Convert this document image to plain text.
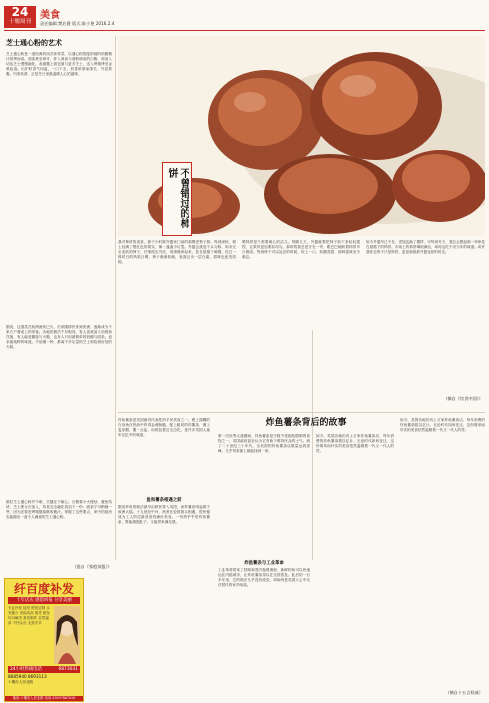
24
十堰周刊
美食
责任编辑:樊启爵 版式:陈小艳 2016.2.4
芝士通心粉的艺术
芝士通心粉是一道经典的西式家常菜，以通心粉搭配浓郁的奶酪酱汁烘烤而成。面条煮至弹牙，拌入黄油与面粉调成的白酱，再加入切达芝士慢慢融化，表面撒上面包屑与更多芝士，送入烤箱烤至金黄起泡。出炉时香气四溢，一口下去，奶香浓厚而绵长，外层焦脆，内里软滑，正是冬日里最温暖人心的滋味。
据说，这道菜在欧洲流传已久，后来随移民来到美洲，逐渐成为千家万户餐桌上的常客。各地的做法不尽相同，有人喜欢加入培根和洋葱，有人偏爱蘑菇与火腿，也有人只用最简单的奶酪与面条，追求最纯粹的味道。不论哪一种，都离不开足量的芝士和恰到好处的火候。
做好芝士通心粉并不难，关键在于耐心。白酱要小火慢炒，避免结块；芝士要分次加入，待其完全融化再加下一份；面条宁可稍硬一些，因为还要进烤箱继续吸收酱汁。掌握了这些要点，家中的厨房也能端出一盘令人满意的芝士通心粉。
（选自《家庭读报》）
纤百度补发
十年店庆 感恩回报 分享美丽
专业补发 接发 假发定制 头发稀少 发际线高 斑秃 脱发 均可解决 真发制作 自然逼真 不伤头皮 无需手术
24小时热线电话	6873031
8685940 8693113
十堰市人民北路
地址:十堰市人民北路 电话:13597867026
不曾错过的柿饼
我对柿饼的喜爱，源于小时候外婆家门前的那棵老柿子树。每到深秋，树上挂满了橙红色的果实，像一盏盏小灯笼。外婆会挑选个头匀称、尚未完全变软的柿子，仔细削去外皮，用细绳串起来，挂在屋檐下晾晒。经过一段时日的风吹日晒，柿子渐渐收缩，表面泛出一层白霜，甜味也愈发浓郁。
晒柿饼是个需要耐心的活儿。每隔几天，外婆就要把柿子取下来轻轻揉捏，让果肉更加柔软均匀。那时的我总是守在一旁，眼巴巴地盼着柿饼早日做成。等到终于可以品尝的时候，咬上一口，软糯香甜，那种滋味至今难忘。
如今外婆早已不在，老屋也换了模样，可每到冬天，我总会想起那一串串挂在屋檐下的柿饼。市场上的柿饼琳琅满目，却再也吃不出当年的味道。或许我怀念的不只是柿饼，更是那段被外婆宠爱的时光。
（摘自《饮食中国》）
炸鱼薯条是英国最具代表性的平民美食之一。裹上面糊的白身鱼在热油中炸得金黄酥脆，配上粗切的炸薯条，淋上麦芽醋，撒一点盐，用纸包着边走边吃，是许多英国人童年记忆中的味道。
鱼和薯条相遇之前
据说炸鱼的做法最早由移民带入英国，而炸薯条则起源于欧洲大陆。十九世纪中叶，两者在伦敦街头相遇，很快便成为工人阶层最喜爱的廉价美食。一份热乎乎的炸鱼薯条，既能填饱肚子，又能带来满足感。
炸鱼薯条背后的故事
第一次世界大战期间，炸鱼薯条是少数不受配给限制的食物之一，英国政府甚至认为它有助于维持民众的士气。到了二十世纪三十年代，全英国的炸鱼薯条店数量达到顶峰，几乎每条街上都能找到一家。
炸鱼薯条与工业革命
工业革命带来了铁路和蒸汽拖网渔船，新鲜的鱼可以快速运往内陆城市，让炸鱼薯条得以在全国普及。此后的一百多年里，它的做法几乎没有改变，却始终是英国人心中无法替代的家乡味道。
如今，英国各地仍有上万家炸鱼薯条店，每年消费的炸鱼薯条数以亿计。无论时代如何变迁，这份简单而朴实的美食依然温暖着一代又一代人的胃。
如今，英国各地仍有上万家炸鱼薯条店，每年消费的炸鱼薯条数以亿计。无论时代如何变迁，这份简单而朴实的美食依然温暖着一代又一代人的胃。
（摘自十五言权威）
